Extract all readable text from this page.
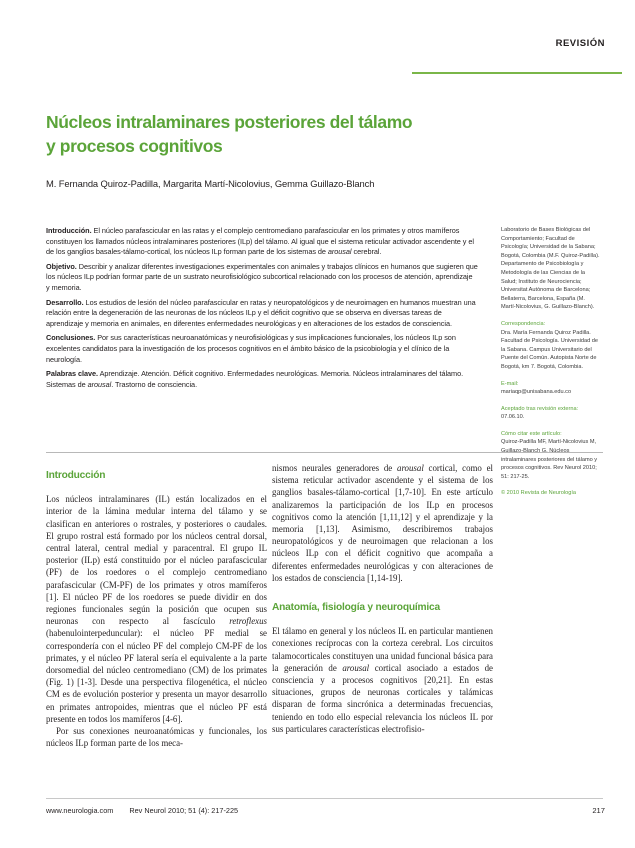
REVISIÓN
Núcleos intralaminares posteriores del tálamo
y procesos cognitivos
M. Fernanda Quiroz-Padilla, Margarita Martí-Nicolovius, Gemma Guillazo-Blanch

Introducción. El núcleo parafascicular en las ratas y el complejo centromediano parafascicular en los primates y otros mamíferos constituyen los llamados núcleos intralaminares posteriores (ILp) del tálamo. Al igual que el sistema reticular activador ascendente y el de los ganglios basales-tálamo-cortical, los núcleos ILp forman parte de los sistemas de arousal cerebral.

Objetivo. Describir y analizar diferentes investigaciones experimentales con animales y trabajos clínicos en humanos que sugieren que los núcleos ILp podrían formar parte de un sustrato neurofisiológico subcortical relacionado con los procesos de atención, aprendizaje y memoria.

Desarrollo. Los estudios de lesión del núcleo parafascicular en ratas y neuropatológicos y de neuroimagen en humanos muestran una relación entre la degeneración de las neuronas de los núcleos ILp y el déficit cognitivo que se observa en diversas tareas de aprendizaje y memoria en animales, en diferentes enfermedades neurológicas y en alteraciones de los estados de consciencia.

Conclusiones. Por sus características neuroanatómicas y neurofisiológicas y sus implicaciones funcionales, los núcleos ILp son excelentes candidatos para la investigación de los procesos cognitivos en el ámbito básico de la psicobiología y el clínico de la neurología.

Palabras clave. Aprendizaje. Atención. Déficit cognitivo. Enfermedades neurológicas. Memoria. Núcleos intralaminares del tálamo. Sistemas de arousal. Trastorno de consciencia.

Laboratorio de Bases Biológicas del Comportamiento; Facultad de Psicología; Universidad de la Sabana; Bogotá, Colombia (M.F. Quiroz-Padilla). Departamento de Psicobiología y Metodología de las Ciencias de la Salud; Instituto de Neurociencia; Universitat Autònoma de Barcelona; Bellaterra, Barcelona, España (M. Martí-Nicolovius, G. Guillazo-Blanch).

Correspondencia:
Dra. María Fernanda Quiroz Padilla. Facultad de Psicología. Universidad de la Sabana. Campus Universitario del Puente del Común. Autopista Norte de Bogotá, km 7. Bogotá, Colombia.

E-mail:
mariaqp@unisabana.edu.co

Aceptado tras revisión externa:
07.06.10.

Cómo citar este artículo:
Quiroz-Padilla MF, Martí-Nicolovius M, Guillazo-Blanch G. Núcleos intralaminares posteriores del tálamo y procesos cognitivos. Rev Neurol 2010; 51: 217-25.

© 2010 Revista de Neurología

Introducción

Los núcleos intralaminares (IL) están localizados en el interior de la lámina medular interna del tálamo y se clasifican en anteriores o rostrales, y posteriores o caudales. El grupo rostral está formado por los núcleos central dorsal, central lateral, central medial y paracentral. El grupo IL posterior (ILp) está constituido por el núcleo parafascicular (PF) de los roedores o el complejo centromediano parafascicular (CM-PF) de los primates y otros mamíferos [1]. El núcleo PF de los roedores se puede dividir en dos regiones funcionales según la posición que ocupen sus neuronas con respecto al fascículo retroflexus (habenulointerpeduncular): el núcleo PF medial se correspondería con el núcleo PF del complejo CM-PF de los primates, y el núcleo PF lateral sería el equivalente a la parte dorsomedial del núcleo centromediano (CM) de los primates (Fig. 1) [1-3]. Desde una perspectiva filogenética, el núcleo CM es de evolución posterior y presenta un mayor desarrollo en primates antropoides, mientras que el núcleo PF está presente en todos los mamíferos [4-6].

Por sus conexiones neuroanatómicas y funcionales, los núcleos ILp forman parte de los meca-

nismos neurales generadores de arousal cortical, como el sistema reticular activador ascendente y el sistema de los ganglios basales-tálamo-cortical [1,7-10]. En este artículo analizaremos la participación de los ILp en procesos cognitivos como la atención [1,11,12] y el aprendizaje y la memoria [1,13]. Asimismo, describiremos trabajos neuropatológicos y de neuroimagen que relacionan a los núcleos ILp con el déficit cognitivo que acompaña a diferentes enfermedades neurológicas y con alteraciones de los estados de consciencia [1,14-19].

Anatomía, fisiología y neuroquímica

El tálamo en general y los núcleos IL en particular mantienen conexiones recíprocas con la corteza cerebral. Los circuitos talamocorticales constituyen una unidad funcional básica para la generación de arousal cortical asociado a estados de consciencia y a procesos cognitivos [20,21]. En estas situaciones, grupos de neuronas corticales y talámicas disparan de forma sincrónica a determinadas frecuencias, teniendo en todo ello especial relevancia los núcleos IL por sus particulares características electrofisio-

www.neurologia.com Rev Neurol 2010; 51 (4): 217-225	217
